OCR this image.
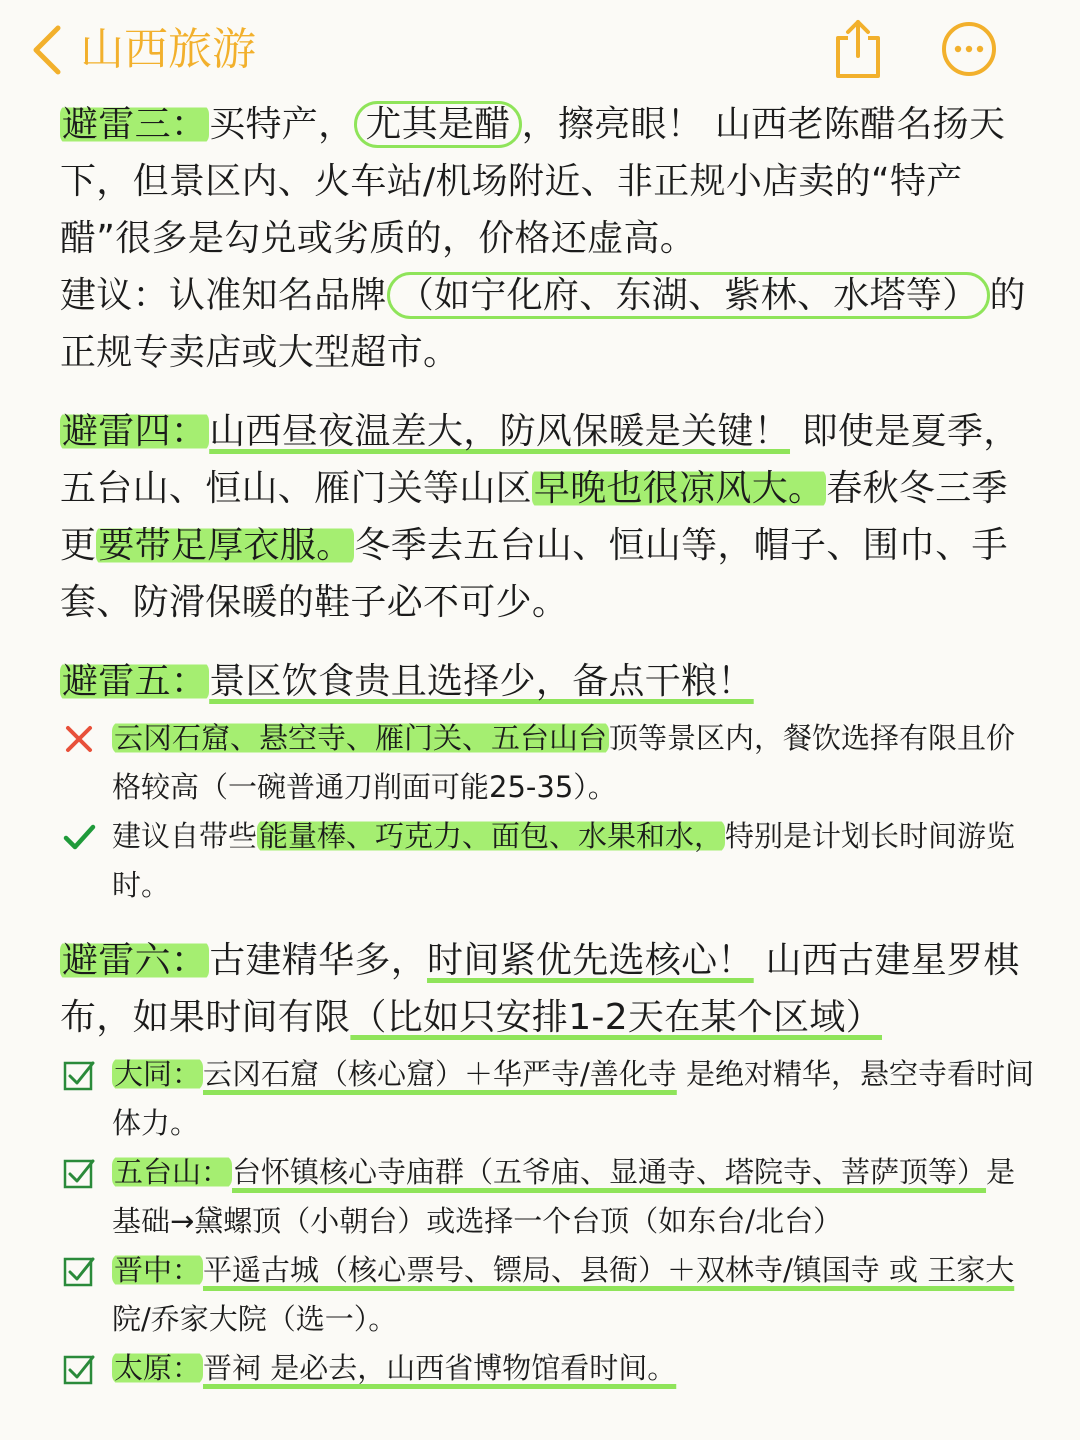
山西旅游

避雷三：买特产， 尤其是醋 ，擦亮眼！ 山西老陈醋名扬天下，但景区内、火车站/机场附近、非正规小店卖的“特产醋”很多是勾兑或劣质的，价格还虚高。

建议：认准知名品牌 （如宁化府、东湖、紫林、水塔等） 的正规专卖店或大型超市。

避雷四：山西昼夜温差大，防风保暖是关键！ 即使是夏季，五台山、恒山、雁门关等山区早晚也很凉风大。春秋冬三季更要带足厚衣服。冬季去五台山、恒山等，帽子、围巾、手套、防滑保暖的鞋子必不可少。

避雷五：景区饮食贵且选择少，备点干粮！

云冈石窟、悬空寺、雁门关、五台山台顶等景区内，餐饮选择有限且价格较高（一碗普通刀削面可能25-35）。
建议自带些能量棒、巧克力、面包、水果和水，特别是计划长时间游览时。

避雷六：古建精华多，时间紧优先选核心！ 山西古建星罗棋布，如果时间有限（比如只安排1-2天在某个区域）

大同：云冈石窟（核心窟）＋华严寺/善化寺 是绝对精华，悬空寺看时间体力。
五台山：台怀镇核心寺庙群（五爷庙、显通寺、塔院寺、菩萨顶等）是基础→黛螺顶（小朝台）或选择一个台顶（如东台/北台）
晋中：平遥古城（核心票号、镖局、县衙）＋双林寺/镇国寺 或 王家大院/乔家大院（选一）。
太原：晋祠 是必去，山西省博物馆看时间。
